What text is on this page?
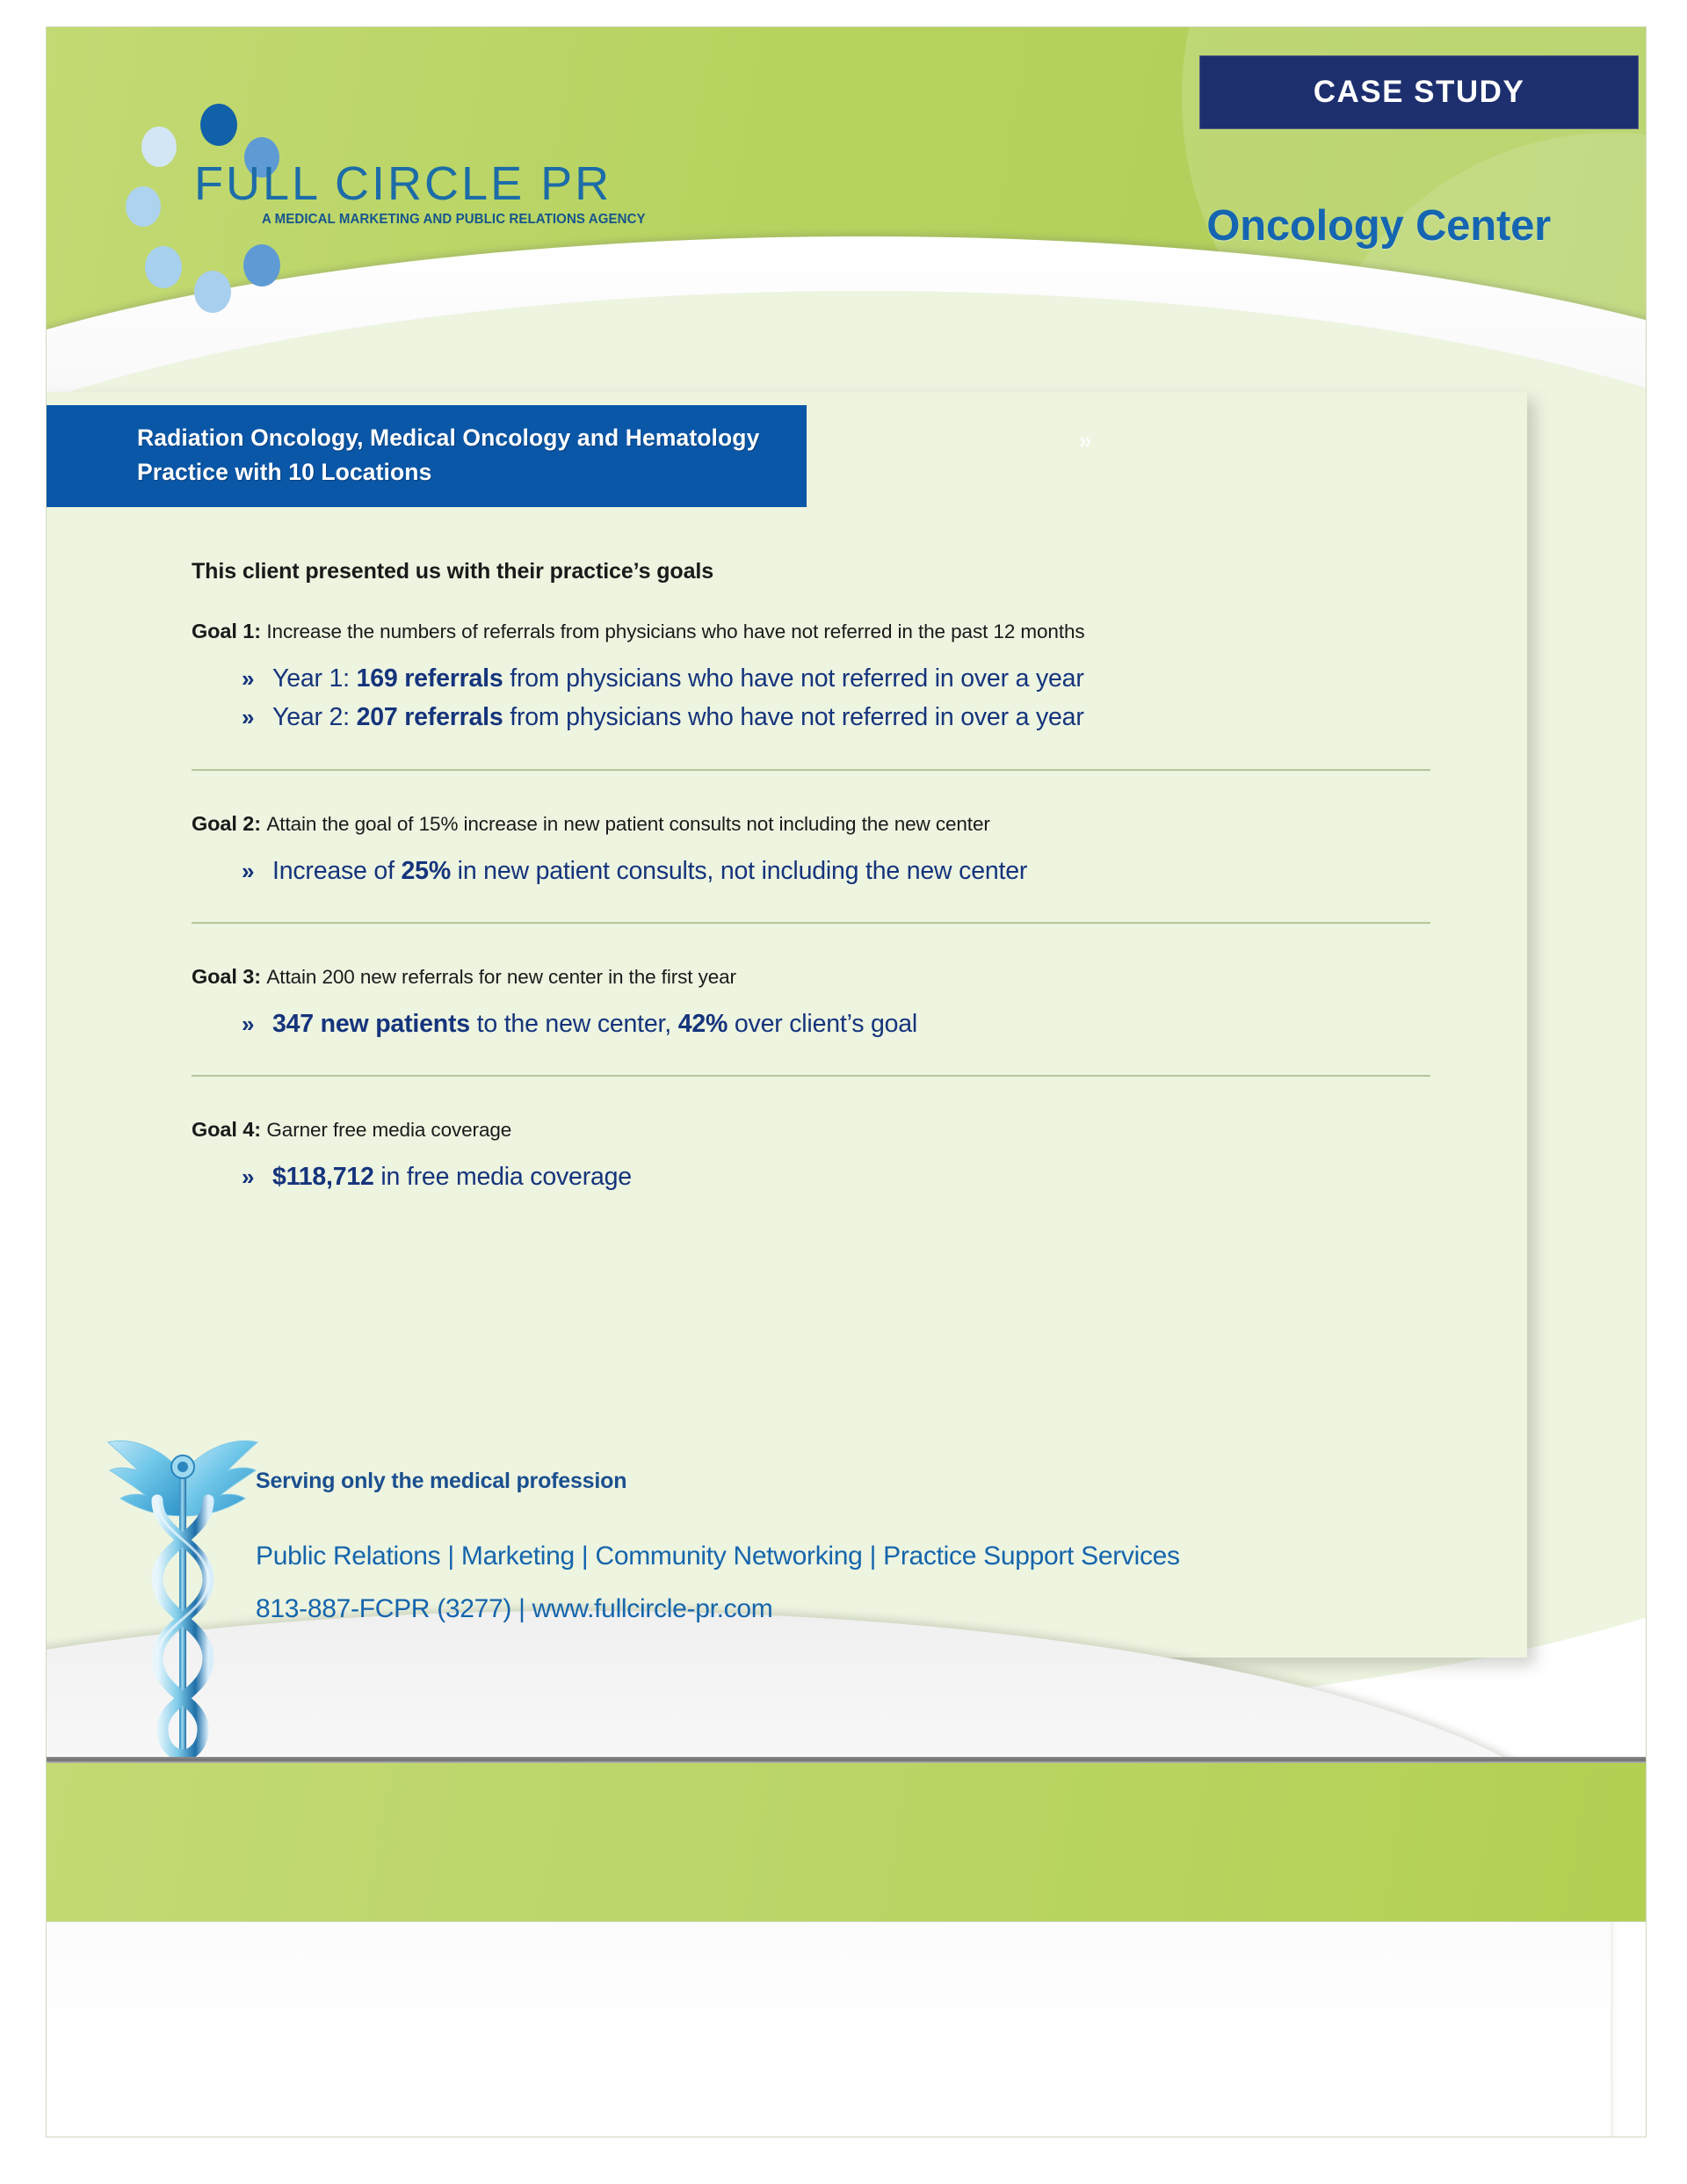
FULL CIRCLE PR
A MEDICAL MARKETING AND PUBLIC RELATIONS AGENCY
CASE STUDY
Oncology Center
»
Radiation Oncology, Medical Oncology and Hematology Practice with 10 Locations

This client presented us with their practice’s goals

Goal 1: Increase the numbers of referrals from physicians who have not referred in the past 12 months

» Year 1: 169 referrals from physicians who have not referred in over a year
» Year 2: 207 referrals from physicians who have not referred in over a year

Goal 2: Attain the goal of 15% increase in new patient consults not including the new center

» Increase of 25% in new patient consults, not including the new center

Goal 3: Attain 200 new referrals for new center in the first year

» 347 new patients to the new center, 42% over client’s goal

Goal 4: Garner free media coverage

» $118,712 in free media coverage

Serving only the medical profession

Public Relations | Marketing | Community Networking | Practice Support Services

813-887-FCPR (3277) | www.fullcircle-pr.com
